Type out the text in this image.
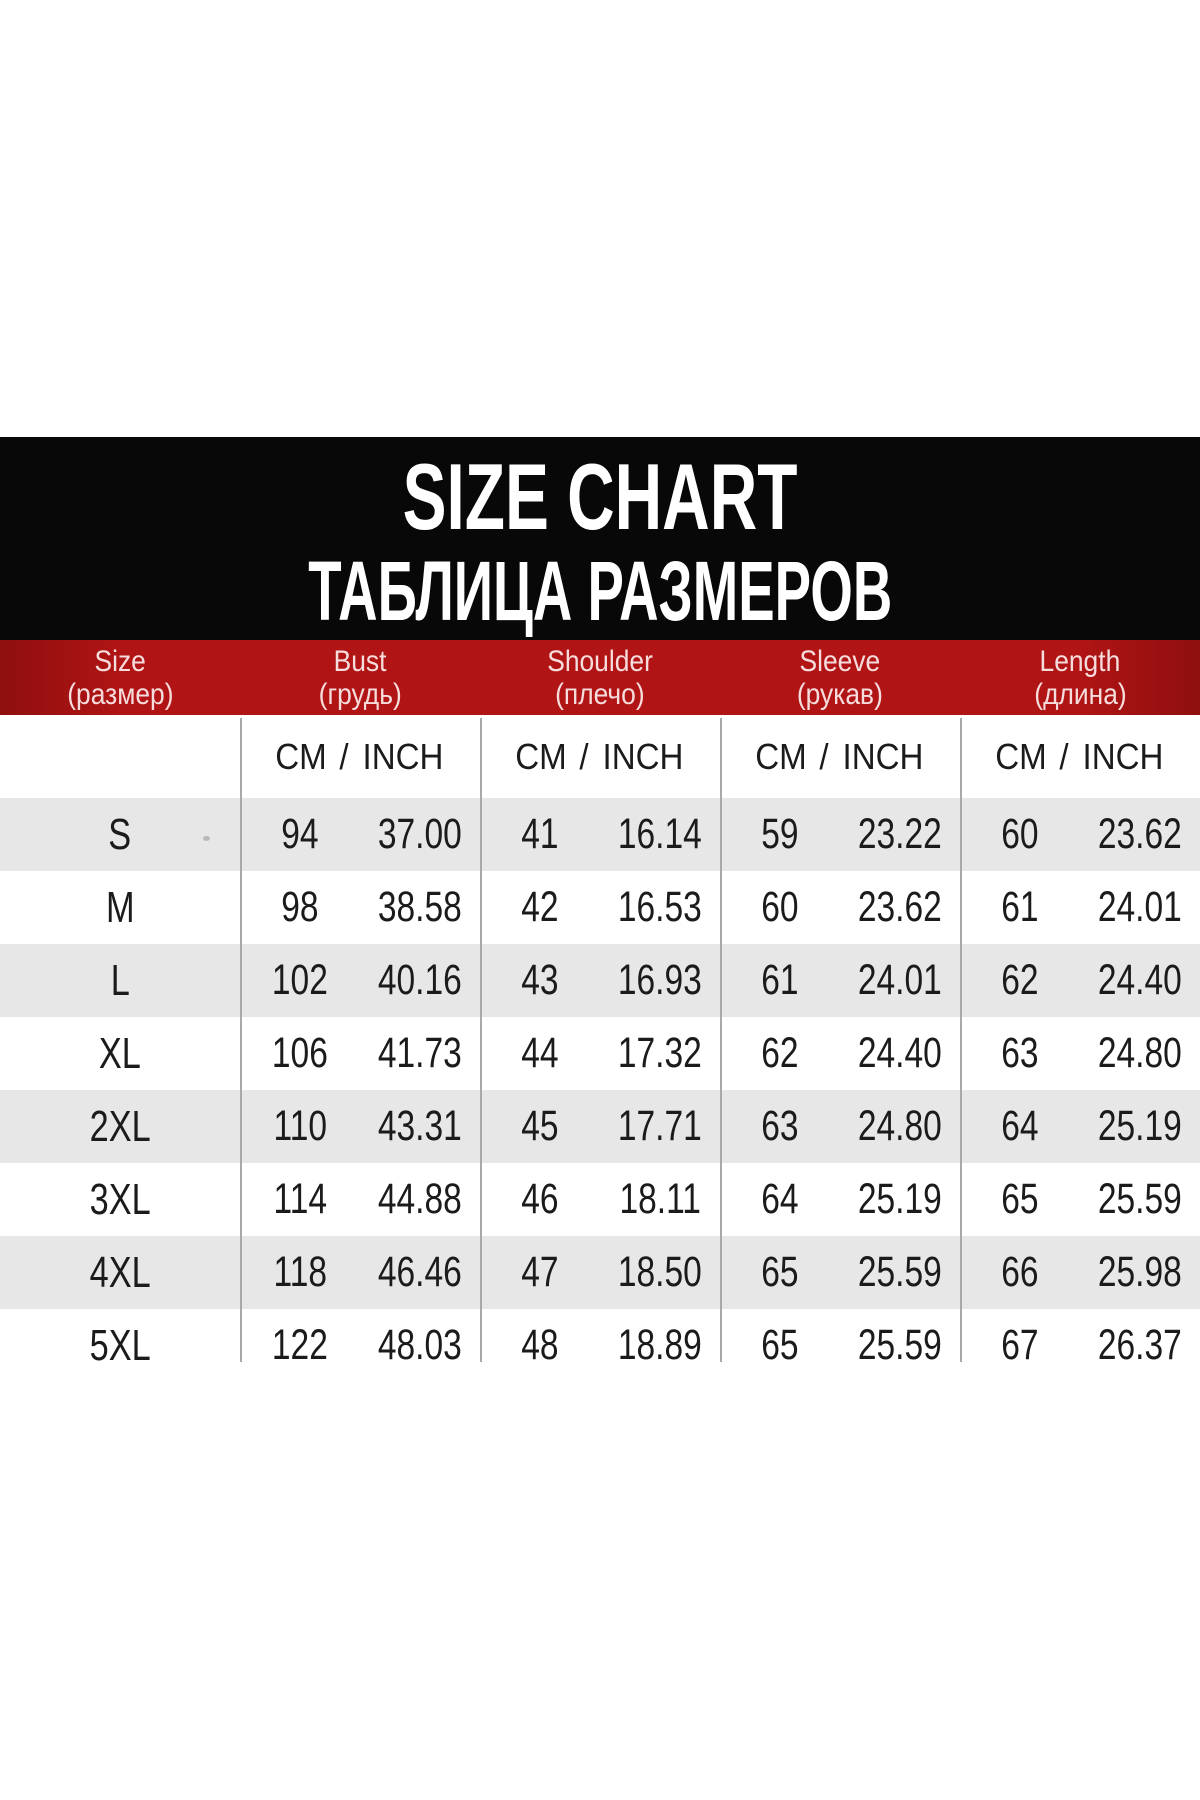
SIZE CHART
ТАБЛИЦА РАЗМЕРОВ
Size
(размер)
Bust
(грудь)
Shoulder
(плечо)
Sleeve
(рукав)
Length
(длина)
CM / INCH CM / INCH CM / INCH CM / INCH
S	94 37.00 41 16.14 59 23.22 60 23.62
M	98 38.58 42 16.53 60 23.62 61 24.01
L	102 40.16 43 16.93 61 24.01 62 24.40
XL	106 41.73 44 17.32 62 24.40 63 24.80
2XL	110 43.31 45 17.71 63 24.80 64 25.19
3XL	114 44.88 46 18.11 64 25.19 65 25.59
4XL	118 46.46 47 18.50 65 25.59 66 25.98
5XL	122 48.03 48 18.89 65 25.59 67 26.37
